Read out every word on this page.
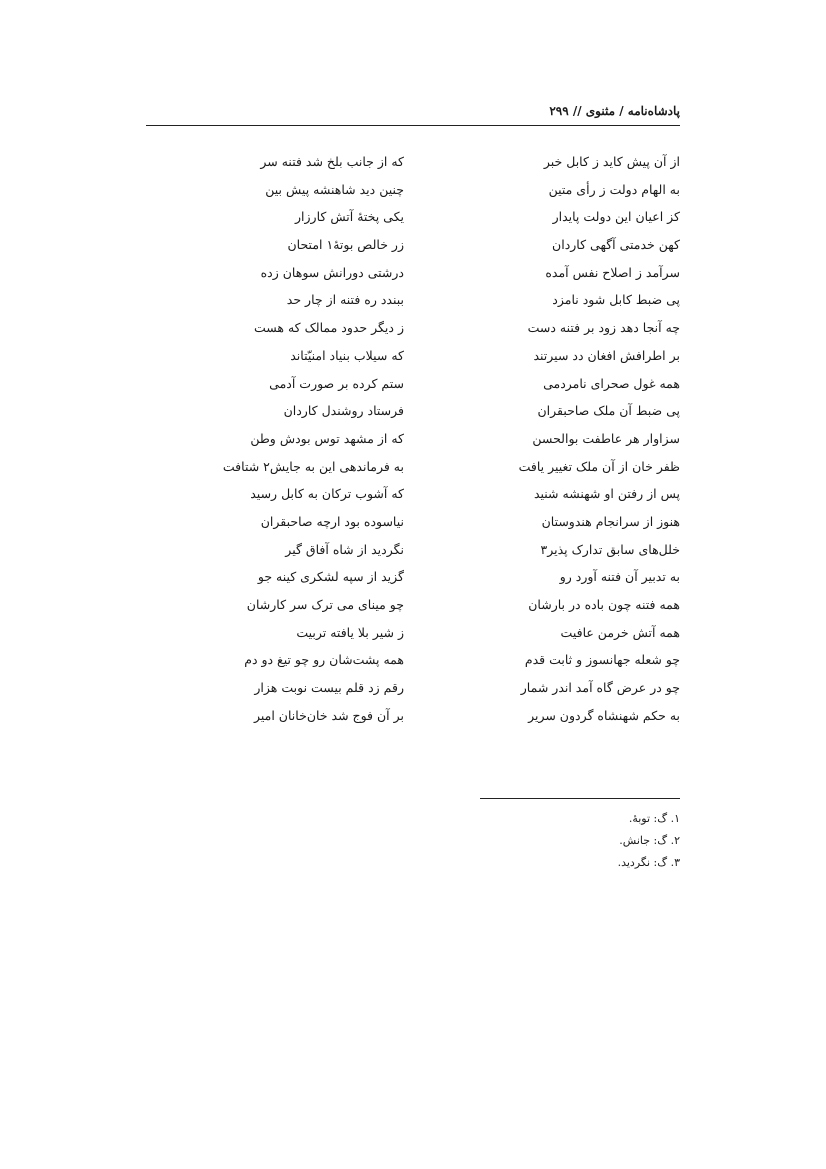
پادشاه‌نامه / مثنوی // ۲۹۹
از آن پیش کاید ز کابل خبر
به الهام دولت ز رأی متین
کز اعیان این دولت پایدار
کهن خدمتی آگهی کاردان
سرآمد ز اصلاح نفس آمده
پی ضبط کابل شود نامزد
چه آنجا دهد زود بر فتنه دست
بر اطرافش افغان دد سیرتند
همه غول صحرای نامردمی
پی ضبط آن ملک صاحبقران
سزاوار هر عاطفت بوالحسن
ظفر خان از آن ملک تغییر یافت
پس از رفتن او شهنشه شنید
هنوز از سرانجام هندوستان
خلل‌های سابق تدارک پذیر۳
به تدبیر آن فتنه آورد رو
همه فتنه چون باده در بارشان
همه آتش خرمن عافیت
چو شعله جهانسوز و ثابت قدم
چو در عرض گاه آمد اندر شمار
به حکم شهنشاه گردون سریر
که از جانب بلخ شد فتنه سر
چنین دید شاهنشه پیش بین
یکی پختهٔ آتش کارزار
زر خالص بوتهٔ۱ امتحان
درشتی دورانش سوهان زده
ببندد ره فتنه از چار حد
ز دیگر حدود ممالک که هست
که سیلاب بنیاد امنیّتاند
ستم کرده بر صورت آدمی
فرستاد روشندل کاردان
که از مشهد توس بودش وطن
به فرماندهی این به جایش۲ شتافت
که آشوب ترکان به کابل رسید
نیاسوده بود ارچه صاحبقران
نگردید از شاه آفاق گیر
گزید از سپه لشکری کینه جو
چو مینای می ترک سر کارشان
ز شیر بلا یافته تربیت
همه پشت‌شان رو چو تیغ دو دم
رقم زد قلم بیست نوبت هزار
بر آن فوج شد خان‌خانان امیر
۱. گ: توبهٔ.
۲. گ: جانش.
۳. گ: نگردید.
